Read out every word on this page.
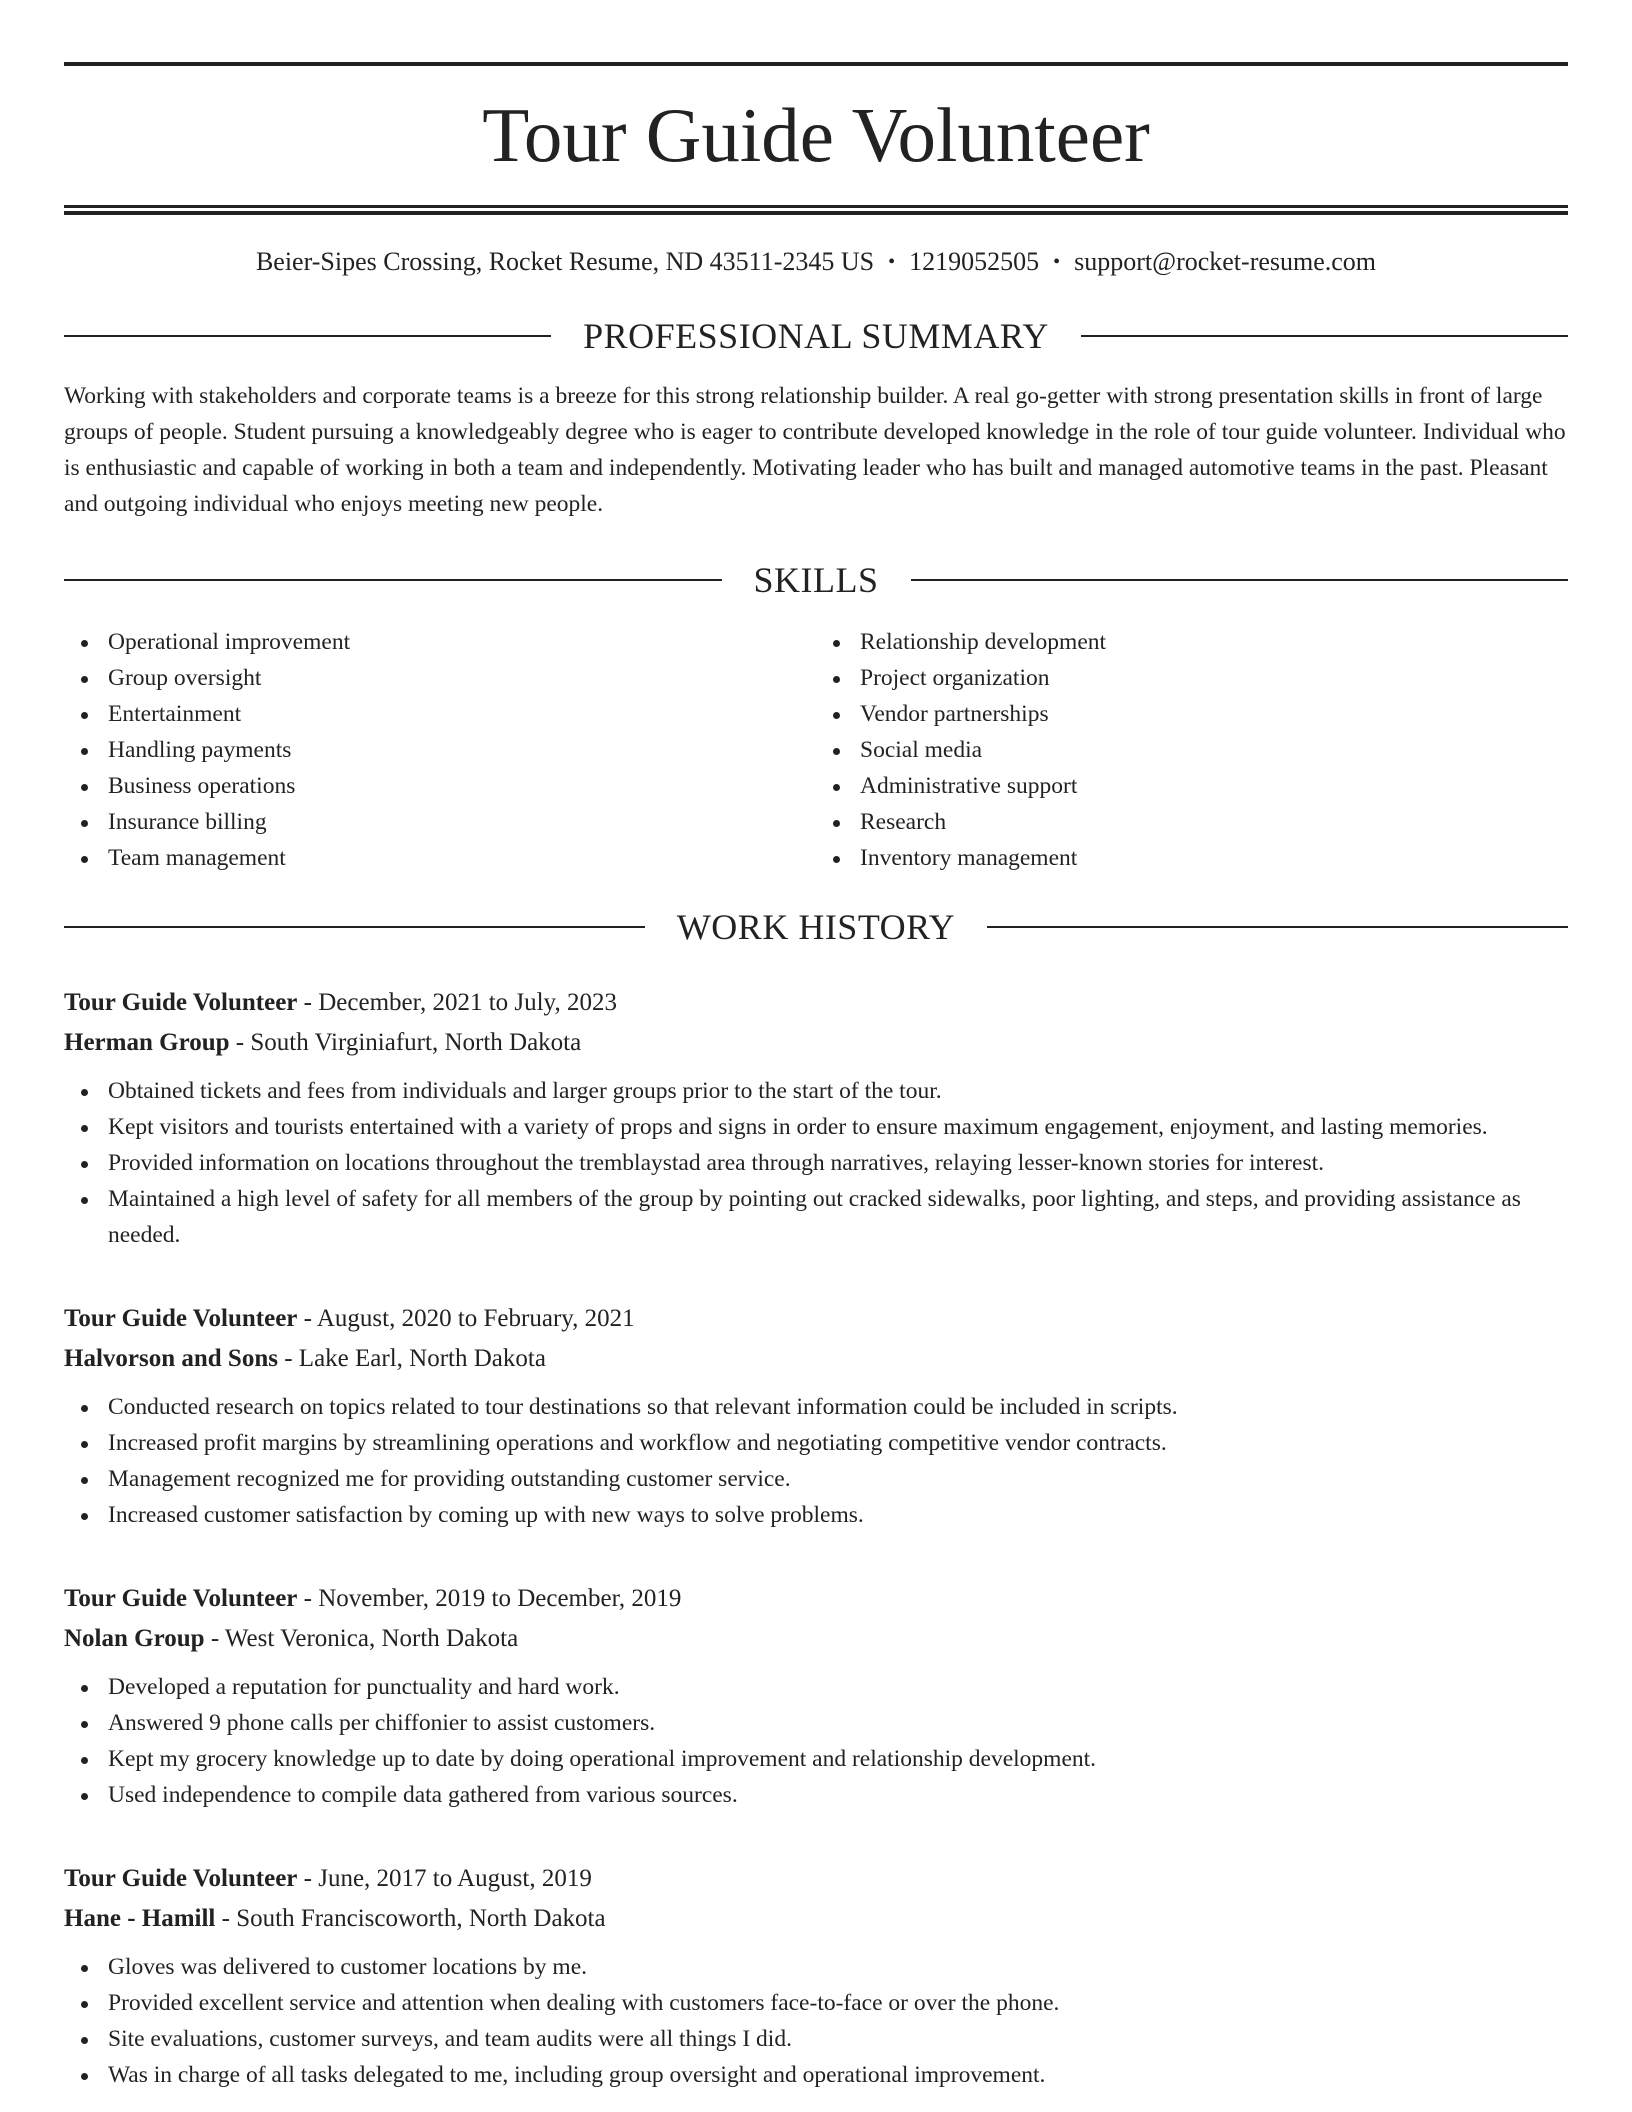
Tour Guide Volunteer
Beier-Sipes Crossing, Rocket Resume, ND 43511-2345 US • 1219052505 • support@rocket-resume.com
PROFESSIONAL SUMMARY
Working with stakeholders and corporate teams is a breeze for this strong relationship builder. A real go-getter with strong presentation skills in front of large groups of people. Student pursuing a knowledgeably degree who is eager to contribute developed knowledge in the role of tour guide volunteer. Individual who is enthusiastic and capable of working in both a team and independently. Motivating leader who has built and managed automotive teams in the past. Pleasant and outgoing individual who enjoys meeting new people.
SKILLS
Operational improvement
Group oversight
Entertainment
Handling payments
Business operations
Insurance billing
Team management
Relationship development
Project organization
Vendor partnerships
Social media
Administrative support
Research
Inventory management
WORK HISTORY
Tour Guide Volunteer - December, 2021 to July, 2023
Herman Group - South Virginiafurt, North Dakota
Obtained tickets and fees from individuals and larger groups prior to the start of the tour.
Kept visitors and tourists entertained with a variety of props and signs in order to ensure maximum engagement, enjoyment, and lasting memories.
Provided information on locations throughout the tremblaystad area through narratives, relaying lesser-known stories for interest.
Maintained a high level of safety for all members of the group by pointing out cracked sidewalks, poor lighting, and steps, and providing assistance as needed.
Tour Guide Volunteer - August, 2020 to February, 2021
Halvorson and Sons - Lake Earl, North Dakota
Conducted research on topics related to tour destinations so that relevant information could be included in scripts.
Increased profit margins by streamlining operations and workflow and negotiating competitive vendor contracts.
Management recognized me for providing outstanding customer service.
Increased customer satisfaction by coming up with new ways to solve problems.
Tour Guide Volunteer - November, 2019 to December, 2019
Nolan Group - West Veronica, North Dakota
Developed a reputation for punctuality and hard work.
Answered 9 phone calls per chiffonier to assist customers.
Kept my grocery knowledge up to date by doing operational improvement and relationship development.
Used independence to compile data gathered from various sources.
Tour Guide Volunteer - June, 2017 to August, 2019
Hane - Hamill - South Franciscoworth, North Dakota
Gloves was delivered to customer locations by me.
Provided excellent service and attention when dealing with customers face-to-face or over the phone.
Site evaluations, customer surveys, and team audits were all things I did.
Was in charge of all tasks delegated to me, including group oversight and operational improvement.
